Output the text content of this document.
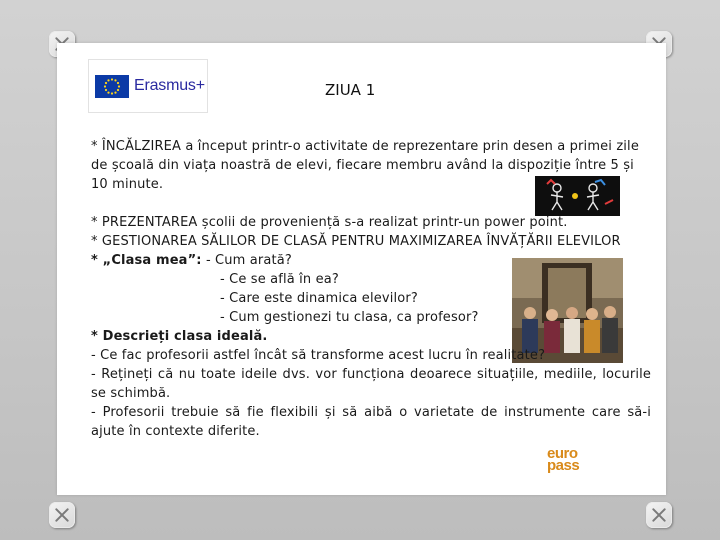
Erasmus+	ZIUA 1
euro
pass

* ÎNCĂLZIREA a început printr-o activitate de reprezentare prin desen a primei zile de școală din viața noastră de elevi, fiecare membru având la dispoziție între 5 și 10 minute.

* PREZENTAREA școlii de proveniență s-a realizat printr-un power point.

* GESTIONAREA SĂLILOR DE CLASĂ PENTRU MAXIMIZAREA ÎNVĂȚĂRII ELEVILOR

* „Clasa mea”: - Cum arată?

- Ce se află în ea?

- Care este dinamica elevilor?

- Cum gestionezi tu clasa, ca profesor?

* Descrieți clasa ideală.

- Ce fac profesorii astfel încât să transforme acest lucru în realitate?

- Rețineți că nu toate ideile dvs. vor funcționa deoarece situațiile, mediile, locurile se schimbă.

- Profesorii trebuie să fie flexibili și să aibă o varietate de instrumente care să-i ajute în contexte diferite.
